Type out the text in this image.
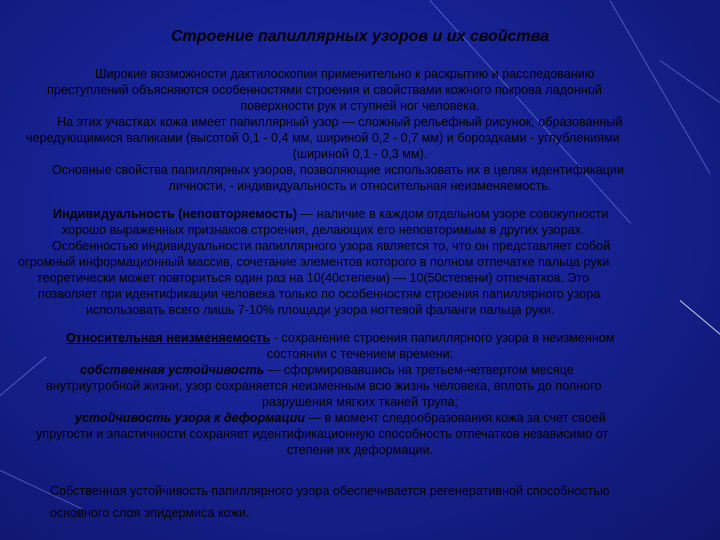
Строение папиллярных узоров и их свойства
Широкие возможности дактилоскопии применительно к раскрытию и расследованию
преступлений объясняются особенностями строения и свойствами кожного покрова ладонной
поверхности рук и ступней ног человека.
На этих участках кожа имеет папиллярный узор — сложный рельефный рисунок, образованный
чередующимися валиками (высотой 0,1 - 0,4 мм, шириной 0,2 - 0,7 мм) и бороздками - углублениями
(шириной 0,1 - 0,3 мм).
Основные свойства папиллярных узоров, позволяющие использовать их в целях идентификации
личности, - индивидуальность и относительная неизменяемость.
Индивидуальность (неповторяемость) — наличие в каждом отдельном узоре совокупности
хорошо выраженных признаков строения, делающих его неповторимым в других узорах.
Особенностью индивидуальности папиллярного узора является то, что он представляет собой
огромный информационный массив, сочетание элементов которого в полном отпечатке пальца руки
теоретически может повториться один раз на 10(40степени) — 10(50степени) отпечатков. Это
позволяет при идентификации человека только по особенностям строения папиллярного узора
использовать всего лишь 7-10% площади узора ногтевой фаланги пальца руки.
Относительная неизменяемость - сохранение строения папиллярного узора в неизменном
состоянии с течением времени:
собственная устойчивость — сформировавшись на третьем-четвертом месяце
внутриутробной жизни, узор сохраняется неизменным всю жизнь человека, вплоть до полного
разрушения мягких тканей трупа;
устойчивость узора к деформации — в момент следообразования кожа за счет своей
упругости и эластичности сохраняет идентификационную способность отпечатков независимо от
степени их деформации.
Собственная устойчивость папиллярного узора обеспечивается регенеративной способностью
основного слоя эпидермиса кожи.
